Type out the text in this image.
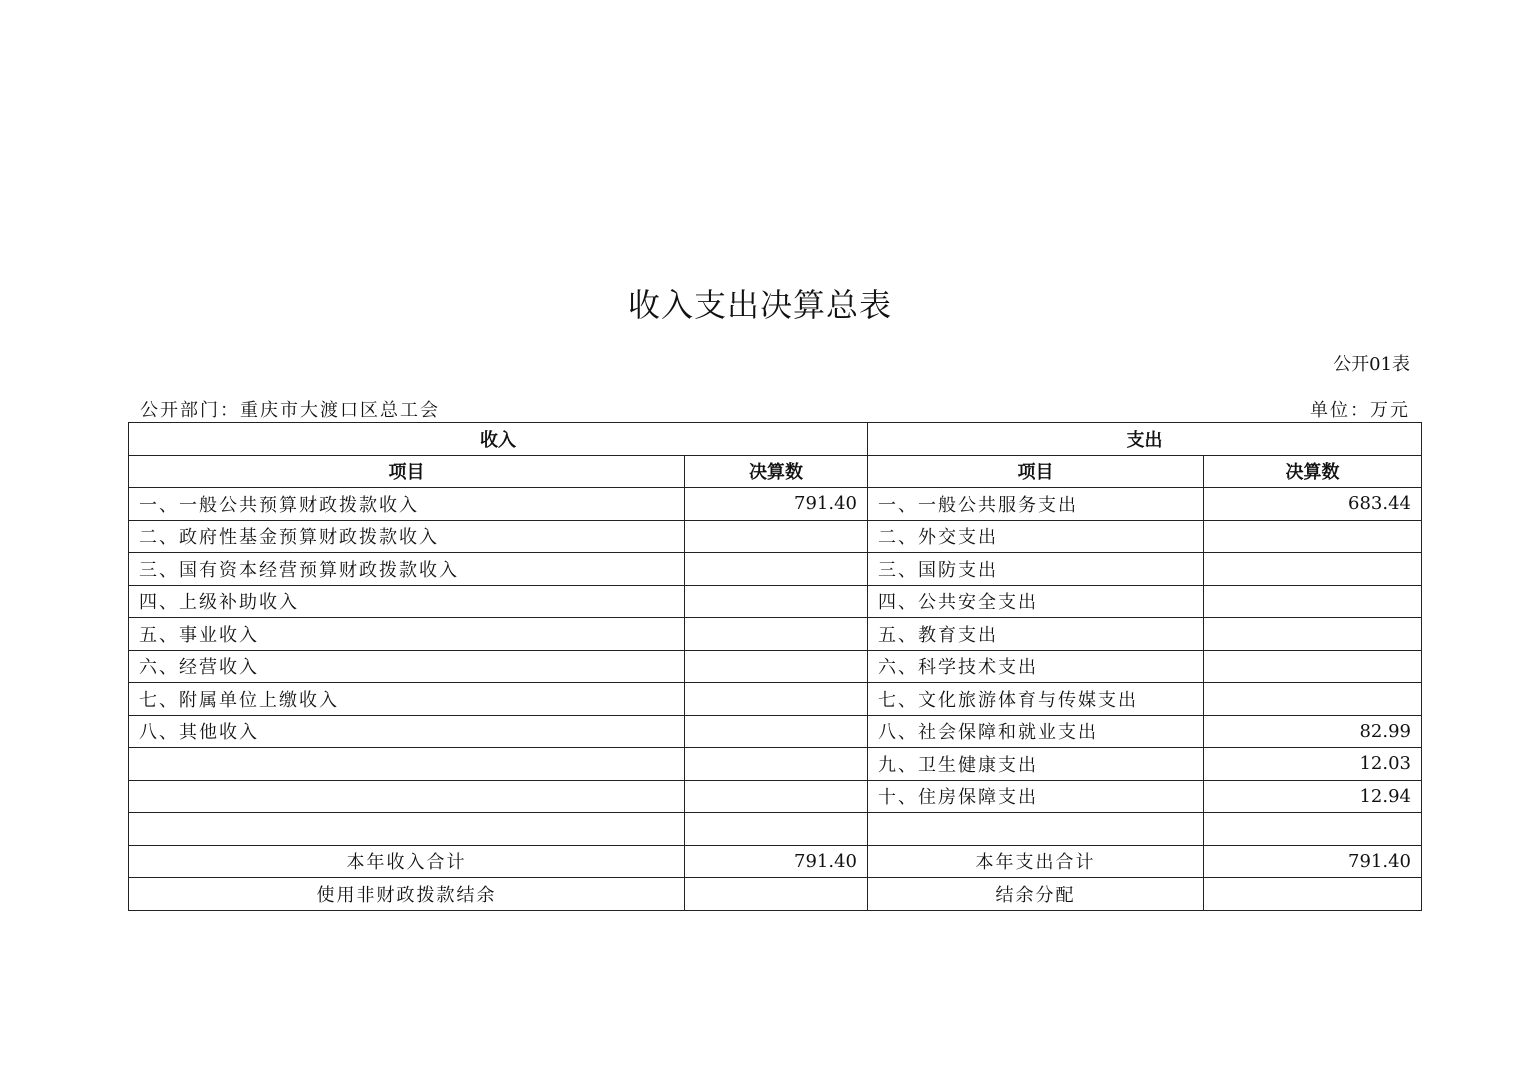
收入支出决算总表
公开01表
公开部门：重庆市大渡口区总工会	单位：万元
收入		支出	
项目	决算数	项目	决算数
一、一般公共预算财政拨款收入	791.40	一、一般公共服务支出	683.44
二、政府性基金预算财政拨款收入		二、外交支出	
三、国有资本经营预算财政拨款收入		三、国防支出	
四、上级补助收入		四、公共安全支出	
五、事业收入		五、教育支出	
六、经营收入		六、科学技术支出	
七、附属单位上缴收入		七、文化旅游体育与传媒支出	
八、其他收入		八、社会保障和就业支出	82.99
		九、卫生健康支出	12.03
		十、住房保障支出	12.94

本年收入合计	791.40	本年支出合计	791.40
使用非财政拨款结余		结余分配	
